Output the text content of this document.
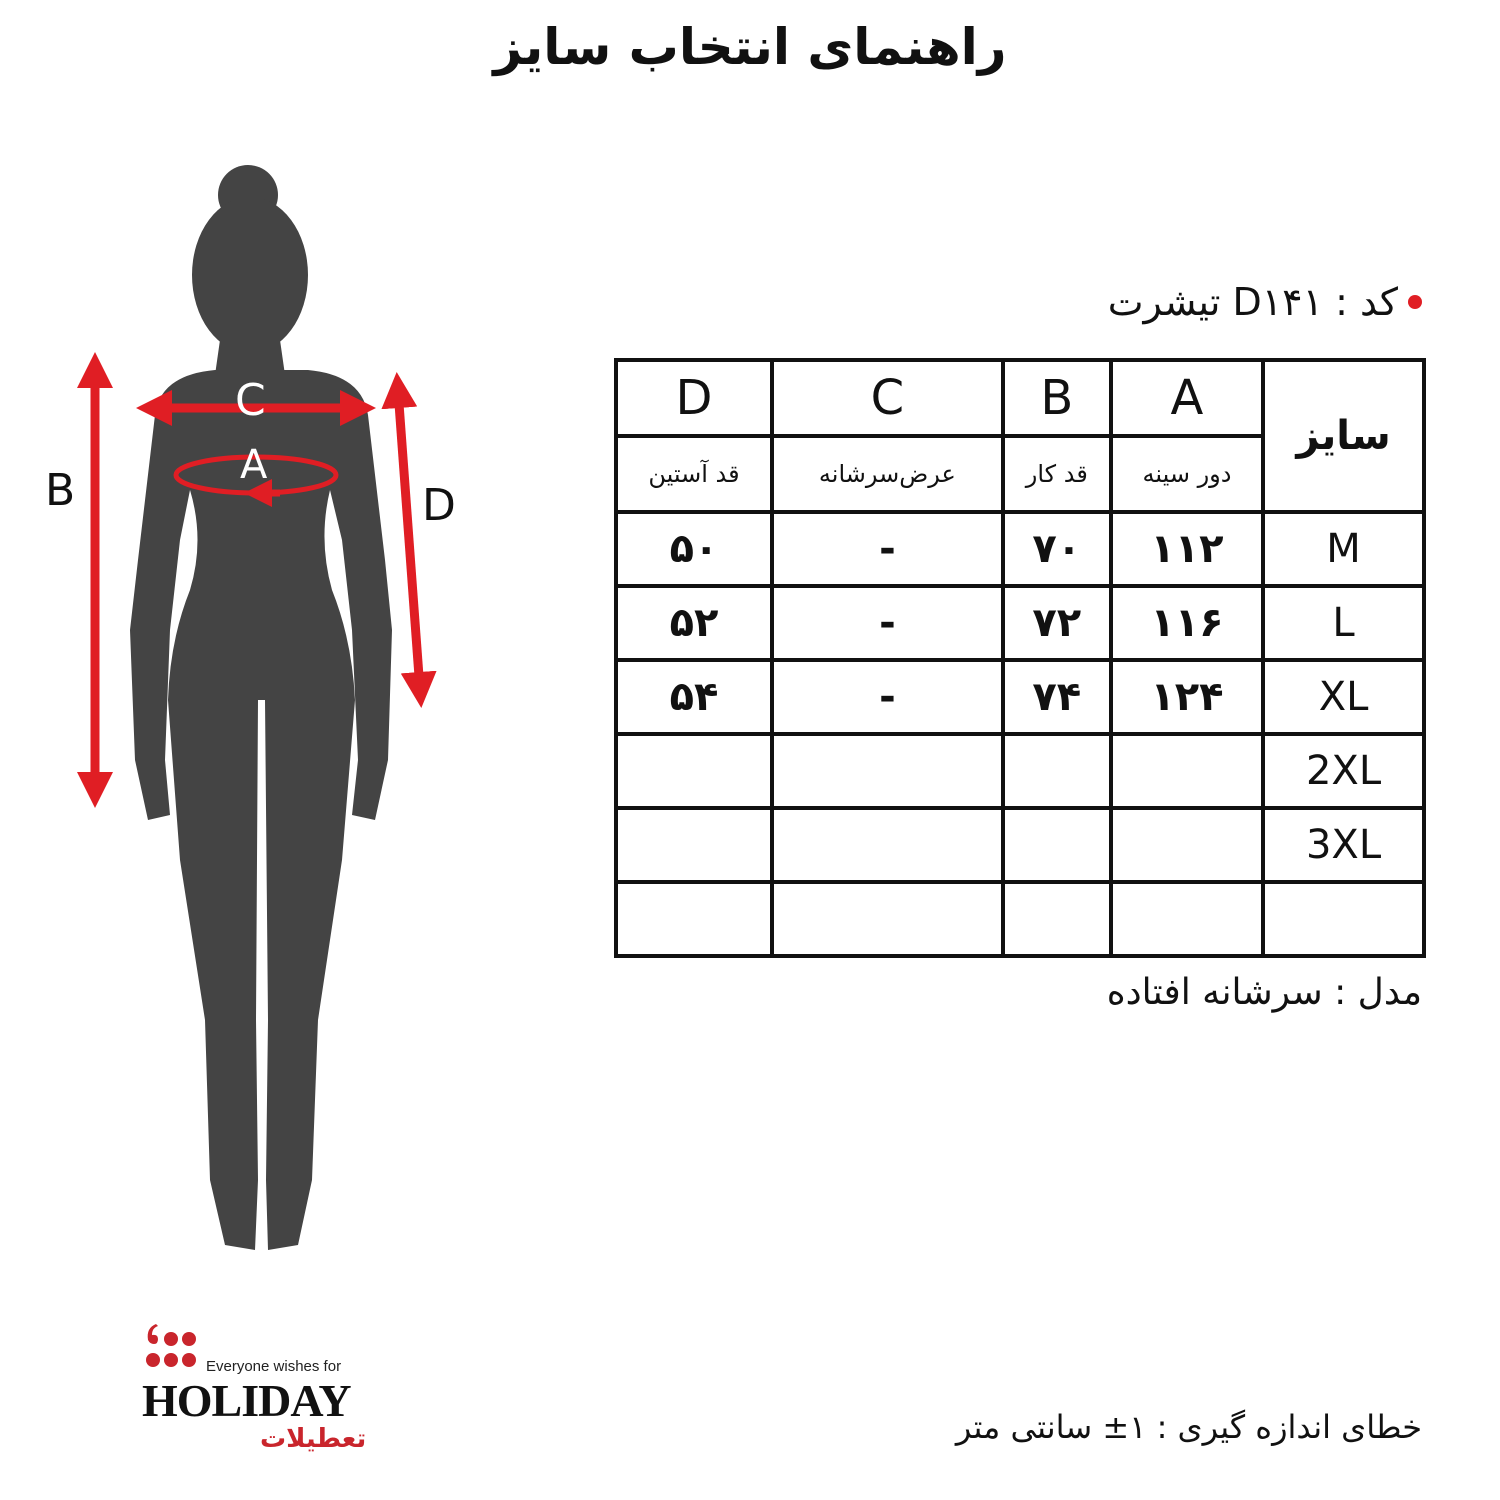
راهنمای انتخاب سایز
B
C
A
D
کد : D۱۴۱ تیشرت
سایز	A	B	C	D
	دور سینه	قد کار	عرض‌سرشانه	قد آستین
M	۱۱۲	۷۰	-	۵۰
L	۱۱۶	۷۲	-	۵۲
XL	۱۲۴	۷۴	-	۵۴
2XL				
3XL				

مدل : سرشانه افتاده
Everyone wishes for
HOLIDAY
تعطیلات	خطای اندازه گیری : ۱± سانتی متر
